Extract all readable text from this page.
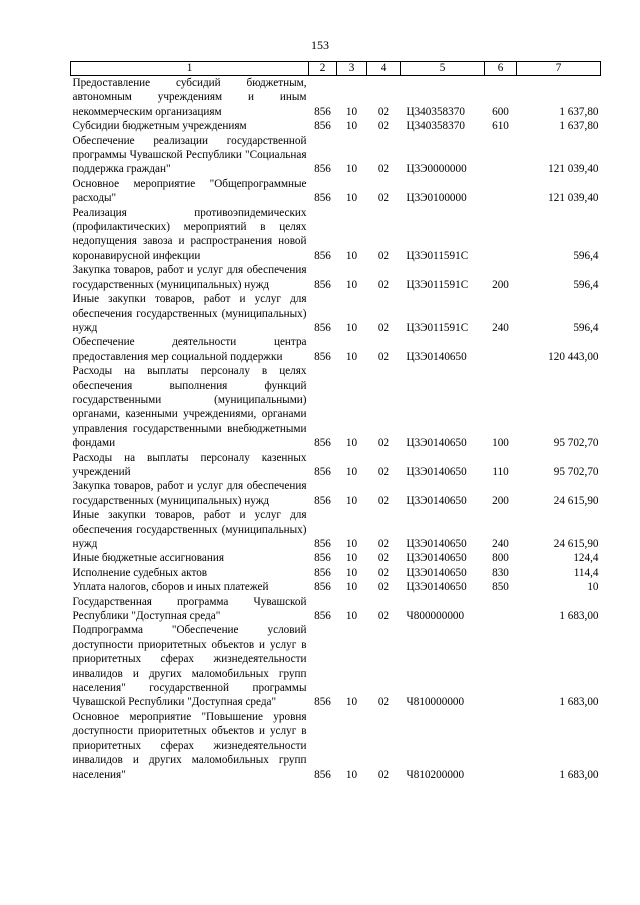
153
1	2	3	4	5	6	7
Предоставление субсидий бюджетным, автономным учреждениям и иным некоммерческим организациям	856	10	02	Ц340358370	600	1 637,80
Субсидии бюджетным учреждениям	856	10	02	Ц340358370	610	1 637,80
Обеспечение реализации государственной программы Чувашской Республики "Социальная поддержка граждан"	856	10	02	Ц3Э0000000		121 039,40
Основное мероприятие "Общепрограммные расходы"	856	10	02	Ц3Э0100000		121 039,40
Реализация противоэпидемических (профилактических) мероприятий в целях недопущения завоза и распространения новой коронавирусной инфекции	856	10	02	Ц3Э011591С		596,4
Закупка товаров, работ и услуг для обеспечения государственных (муниципальных) нужд	856	10	02	Ц3Э011591С	200	596,4
Иные закупки товаров, работ и услуг для обеспечения государственных (муниципальных) нужд	856	10	02	Ц3Э011591С	240	596,4
Обеспечение деятельности центра предоставления мер социальной поддержки	856	10	02	Ц3Э0140650		120 443,00
Расходы на выплаты персоналу в целях обеспечения выполнения функций государственными (муниципальными) органами, казенными учреждениями, органами управления государственными внебюджетными фондами	856	10	02	Ц3Э0140650	100	95 702,70
Расходы на выплаты персоналу казенных учреждений	856	10	02	Ц3Э0140650	110	95 702,70
Закупка товаров, работ и услуг для обеспечения государственных (муниципальных) нужд	856	10	02	Ц3Э0140650	200	24 615,90
Иные закупки товаров, работ и услуг для обеспечения государственных (муниципальных) нужд	856	10	02	Ц3Э0140650	240	24 615,90
Иные бюджетные ассигнования	856	10	02	Ц3Э0140650	800	124,4
Исполнение судебных актов	856	10	02	Ц3Э0140650	830	114,4
Уплата налогов, сборов и иных платежей	856	10	02	Ц3Э0140650	850	10
Государственная программа Чувашской Республики "Доступная среда"	856	10	02	Ч800000000		1 683,00
Подпрограмма "Обеспечение условий доступности приоритетных объектов и услуг в приоритетных сферах жизнедеятельности инвалидов и других маломобильных групп населения" государственной программы Чувашской Республики "Доступная среда"	856	10	02	Ч810000000		1 683,00
Основное мероприятие "Повышение уровня доступности приоритетных объектов и услуг в приоритетных сферах жизнедеятельности инвалидов и других маломобильных групп населения"	856	10	02	Ч810200000		1 683,00
